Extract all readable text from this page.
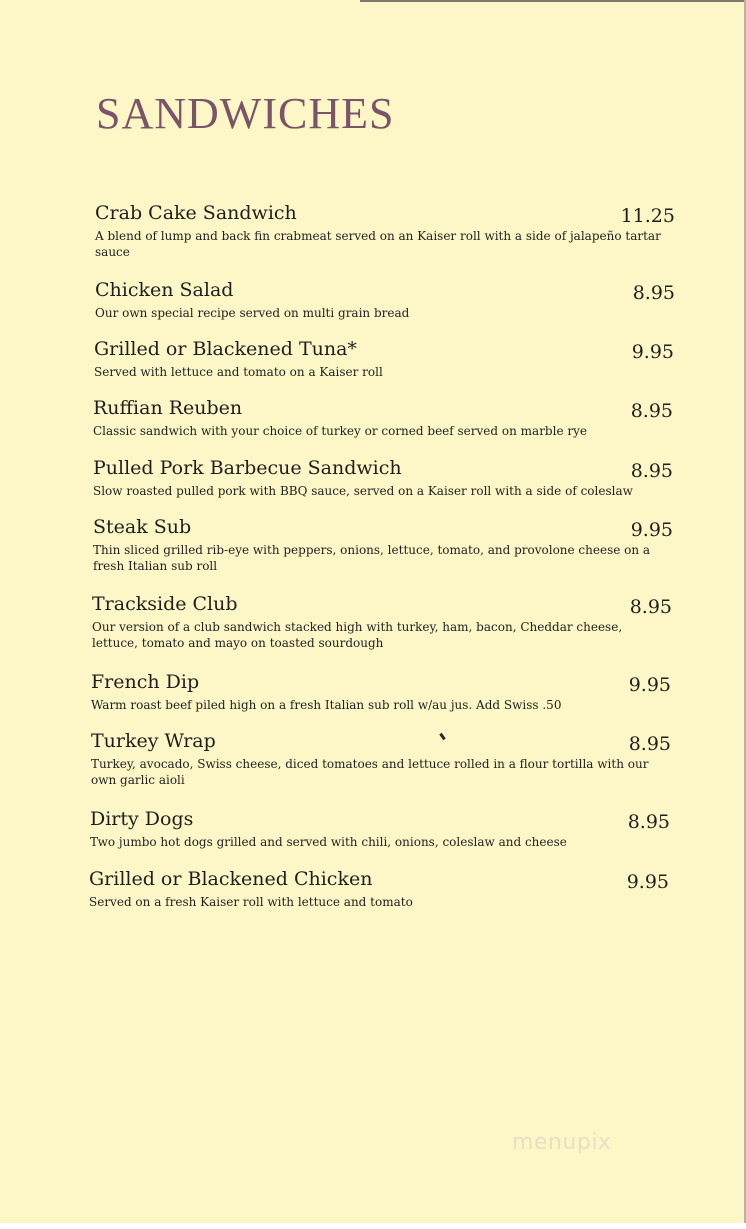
SANDWICHES
Crab Cake Sandwich	11.25
A blend of lump and back fin crabmeat served on an Kaiser roll with a side of jalapeño tartar sauce
Chicken Salad	8.95
Our own special recipe served on multi grain bread
Grilled or Blackened Tuna*	9.95
Served with lettuce and tomato on a Kaiser roll
Ruffian Reuben	8.95
Classic sandwich with your choice of turkey or corned beef served on marble rye
Pulled Pork Barbecue Sandwich	8.95
Slow roasted pulled pork with BBQ sauce, served on a Kaiser roll with a side of coleslaw
Steak Sub	9.95
Thin sliced grilled rib-eye with peppers, onions, lettuce, tomato, and provolone cheese on a fresh Italian sub roll
Trackside Club	8.95
Our version of a club sandwich stacked high with turkey, ham, bacon, Cheddar cheese, lettuce, tomato and mayo on toasted sourdough
French Dip	9.95
Warm roast beef piled high on a fresh Italian sub roll w/au jus. Add Swiss .50
Turkey Wrap	8.95
Turkey, avocado, Swiss cheese, diced tomatoes and lettuce rolled in a flour tortilla with our own garlic aioli
Dirty Dogs	8.95
Two jumbo hot dogs grilled and served with chili, onions, coleslaw and cheese
Grilled or Blackened Chicken	9.95
Served on a fresh Kaiser roll with lettuce and tomato
menupix
